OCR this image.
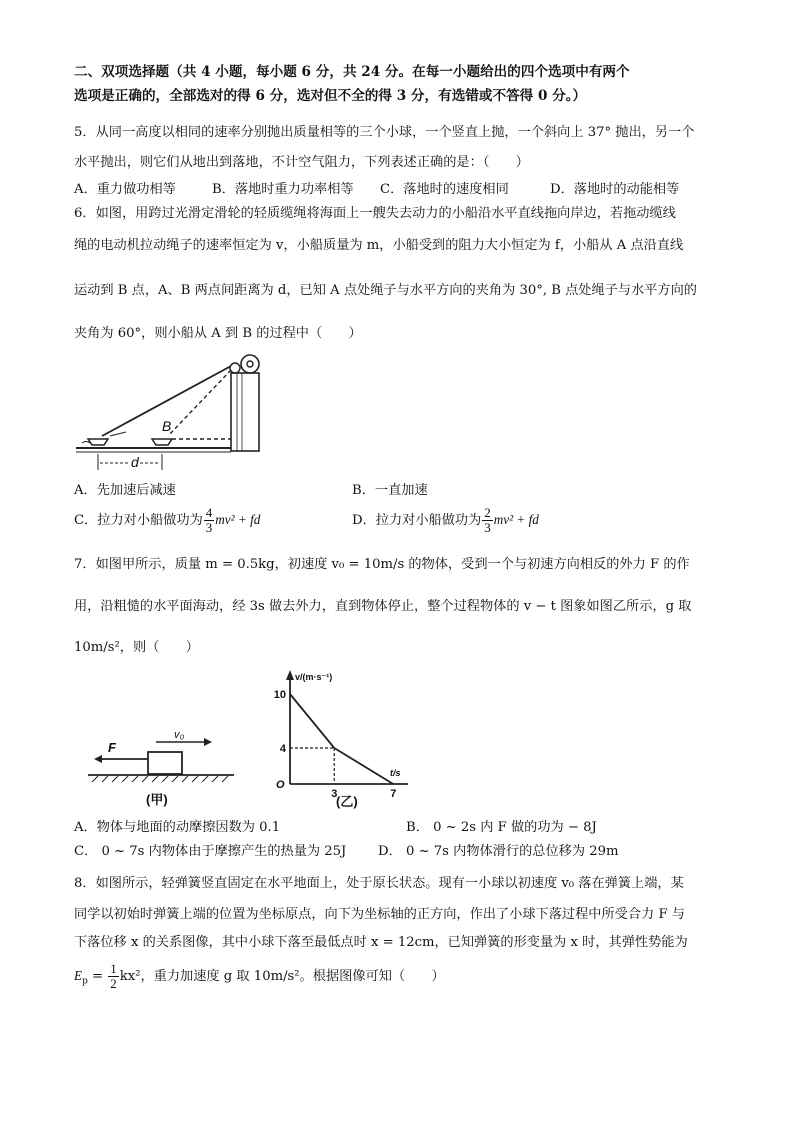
二、双项选择题（共 4 小题，每小题 6 分，共 24 分。在每一小题给出的四个选项中有两个
选项是正确的，全部选对的得 6 分，选对但不全的得 3 分，有选错或不答得 0 分。）
5．从同一高度以相同的速率分别抛出质量相等的三个小球，一个竖直上抛，一个斜向上 37° 抛出，另一个
水平抛出，则它们从地出到落地，不计空气阻力，下列表述正确的是：（　　）
A．重力做功相等	B．落地时重力功率相等 C．落地时的速度相同	D．落地时的动能相等
6．如图，用跨过光滑定滑轮的轻质缆绳将海面上一艘失去动力的小船沿水平直线拖向岸边，若拖动缆线
绳的电动机拉动绳子的速率恒定为 v，小船质量为 m，小船受到的阻力大小恒定为 f，小船从 A 点沿直线
运动到 B 点，A、B 两点间距离为 d，已知 A 点处绳子与水平方向的夹角为 30°, B 点处绳子与水平方向的
夹角为 60°，则小船从 A 到 B 的过程中（　　）
B
d
A．先加速后减速	B．一直加速
C．拉力对小船做功为 $\frac{4}{3} mv^2$ + fd	D．拉力对小船做功为 $\frac{2}{3} mv^2$ + fd
7．如图甲所示，质量 m = 0.5kg，初速度 v₀ = 10m/s 的物体，受到一个与初速方向相反的外力 F 的作
用，沿粗慥的水平面海动，经 3s 做去外力，直到物体停止，整个过程物体的 v − t 图象如图乙所示，g 取
10m/s²，则（　　）
v₀
F
(甲)
v/(m·s⁻¹)
t/s
O
(乙)
4
10
3	7
A．物体与地面的动摩擦因数为 0.1	B． 0 ~ 2s 内 F 做的功为 − 8J
C． 0 ~ 7s 内物体由于摩擦产生的热量为 25J D． 0 ~ 7s 内物体滑行的总位移为 29m
8．如图所示，轻弹簧竖直固定在水平地面上，处于原长状态。现有一小球以初速度 v₀ 落在弹簧上端，某
同学以初始时弹簧上端的位置为坐标原点，向下为坐标轴的正方向，作出了小球下落过程中所受合力 F 与
下落位移 x 的关系图像，其中小球下落至最低点时 x = 12cm，已知弹簧的形变量为 x 时，其弹性势能为
$E_p = \frac{1}{2} kx^2$，重力加速度 g 取 10m/s²。根据图像可知（　　）
